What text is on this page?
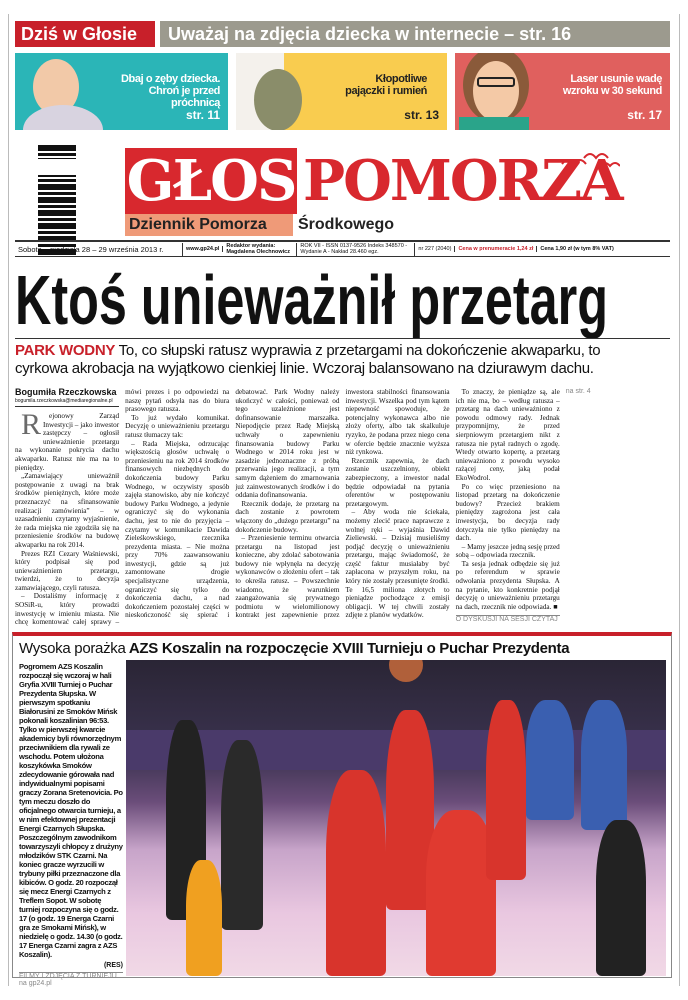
Dziś w Głosie	Uważaj na zdjęcia dziecka w internecie – str. 16
Dbaj o zęby dziecka. Chroń je przed próchnicą
str. 11
Kłopotliwe pajączki i rumień
str. 13
Laser usunie wadę wzroku w 30 sekund
str. 17
GŁOS POMORZA
Dziennik Pomorza	Środkowego
Sobota – niedziela 28 – 29 września 2013 r.	www.gp24.pl
Redaktor wydania: Magdalena Olechnowicz
ROK VII - ISSN 0137-9526 Indeks 348570 - Wydanie A - Nakład 28.460 egz.
nr 227 (2040)	Cena w prenumeracie 1,24 zł	Cena 1,90 zł (w tym 8% VAT)
Ktoś unieważnił przetarg
PARK WODNY To, co słupski ratusz wyprawia z przetargami na dokończenie akwaparku, to cyrkowa akrobacja na wyjątkowo cienkiej linie. Wczoraj balansowano na dziurawym dachu.

Rejonowy Zarząd Inwestycji – jako inwestor zastępczy – ogłosił unieważnienie przetargu na wykonanie pokrycia dachu akwaparku. Ratusz nie ma na to pieniędzy.

„Zamawiający unieważnił postępowanie z uwagi na brak środków pieniężnych, które może przeznaczyć na sfinansowanie realizacji zamówienia” – w uzasadnieniu czytamy wyjaśnienie, że rada miejska nie zgodziła się na przeniesienie środków na budowę akwaparku na rok 2014.

Prezes RZI Cezary Waśniewski, który podpisał się pod unieważnieniem przetargu, twierdzi, że to decyzja zamawiającego, czyli ratusza.

– Dostaliśmy informację z SOSiR-u, który prowadzi inwestycję w imieniu miasta. Nie chcę komentować całej sprawy – mówi prezes i po odpowiedzi na naszę pytań odsyła nas do biura prasowego ratusza.

To już wydało komunikat. Decyzję o unieważnieniu przetargu ratusz tłumaczy tak:

– Rada Miejska, odrzucając większością głosów uchwałę o przeniesieniu na rok 2014 środków finansowych niezbędnych do dokończenia budowy Parku Wodnego, w oczywisty sposób zajęła stanowisko, aby nie kończyć budowy Parku Wodnego, a jedynie ograniczyć się do wykonania dachu, jest to nie do przyjęcia – czytamy w komunikacie Dawida Zieleśkowskiego, rzecznika prezydenta miasta. – Nie można przy 70% zaawansowaniu inwestycji, gdzie są już zamontowane drogie specjalistyczne urządzenia, ograniczyć się tylko do dokończenia dachu, a nad dokończeniem pozostałej części w nieskończoność się spierać i debatować. Park Wodny należy ukończyć w całości, ponieważ od tego uzależnione jest dofinansowanie marszałka. Niepodjęcie przez Radę Miejską uchwały o zapewnieniu finansowania budowy Parku Wodnego w 2014 roku jest w zasadzie jednoznaczne z próbą przerwania jego realizacji, a tym samym dążeniem do zmarnowania już zainwestowanych środków i do oddania dofinansowania.

Rzecznik dodaje, że przetarg na dach zostanie z powrotem włączony do „dużego przetargu” na dokończenie budowy.

– Przeniesienie terminu otwarcia przetargu na listopad jest konieczne, aby zdołać sabotowania budowy nie wpłynęła na decyzję wykonawców o złożeniu ofert – tak to określa ratusz. – Powszechnie wiadomo, że warunkiem zaangażowania się prywatnego podmiotu w wielomilionowy kontrakt jest zapewnienie przez inwestora stabilności finansowania inwestycji. Wszelka pod tym kątem niepewność spowoduje, że potencjalny wykonawca albo nie złoży oferty, albo tak skalkuluje ryzyko, że podana przez niego cena w ofercie będzie znacznie wyższa niż rynkowa.

Rzecznik zapewnia, że dach zostanie uszczelniony, obiekt zabezpieczony, a inwestor nadal będzie odpowiadał na pytania oferentów w postępowaniu przetargowym.

– Aby woda nie ściekała, możemy zlecić prace naprawcze z wolnej ręki – wyjaśnia Dawid Zieliewski. – Dzisiaj musieliśmy podjąć decyzję o unieważnieniu przetargu, mając świadomość, że część faktur musiałaby być zapłacona w przyszłym roku, na który nie zostały przesunięte środki. Te 16,5 miliona złotych to pieniądze pochodzące z emisji obligacji. W tej chwili zostały zdjęte z planów wydatków.

To znaczy, że pieniądze są, ale ich nie ma, bo – według ratusza – przetarg na dach unieważniono z powodu odmowy rady. Jednak przypomnijmy, że przed sierpniowym przetargiem nikt z ratusza nie pytał radnych o zgodę. Wtedy otwarto kopertę, a przetarg unieważniono z powodu wysoko rażącej ceny, jaką podał EkoWodrol.

Po co więc przeniesiono na listopad przetarg na dokończenie budowy? Przecież brakiem pieniędzy zagrożona jest cała inwestycja, bo decyzja rady dotyczyła nie tylko pieniędzy na dach.

– Mamy jeszcze jedną sesję przed sobą – odpowiada rzecznik.

Ta sesja jednak odbędzie się już po referendum w sprawie odwołania prezydenta Słupska. A na pytanie, kto konkretnie podjął decyzję o unieważnieniu przetargu na dach, rzecznik nie odpowiada. ■

O DYSKUSJI NA SESJI CZYTAJ

na str. 4

Bogumiła Rzeczkowska
bogumila.rzeczkowska@mediaregionalne.pl
Wysoka porażka AZS Koszalin na rozpoczęcie XVIII Turnieju o Puchar Prezydenta
Pogromem AZS Koszalin rozpoczął się wczoraj w hali Gryfia XVIII Turniej o Puchar Prezydenta Słupska. W pierwszym spotkaniu Białorusini ze Smoków Mińsk pokonali koszalinian 96:53. Tylko w pierwszej kwarcie akademicy byli równorzędnym przeciwnikiem dla rywali ze wschodu. Potem ułożona koszykówka Smoków zdecydowanie górowała nad indywidualnymi popisami graczy Zorana Sretenovicia. Po tym meczu doszło do oficjalnego otwarcia turnieju, a w nim efektownej prezentacji Energi Czarnych Słupska. Poszczególnym zawodnikom towarzyszyli chłopcy z drużyny młodzików STK Czarni. Na koniec gracze wyrzucili w trybuny piłki przeznaczone dla kibiców. O godz. 20 rozpoczął się mecz Energi Czarnych z Treflem Sopot. W sobotę turniej rozpoczyna się o godz. 17 (o godz. 19 Energa Czarni gra ze Smokami Mińsk), w niedzielę o godz. 14.30 (o godz. 17 Energa Czarni zagra z AZS Koszalin).
(RES)
FILMY I ZDJĘCIA Z TURNIEJU
na gp24.pl
